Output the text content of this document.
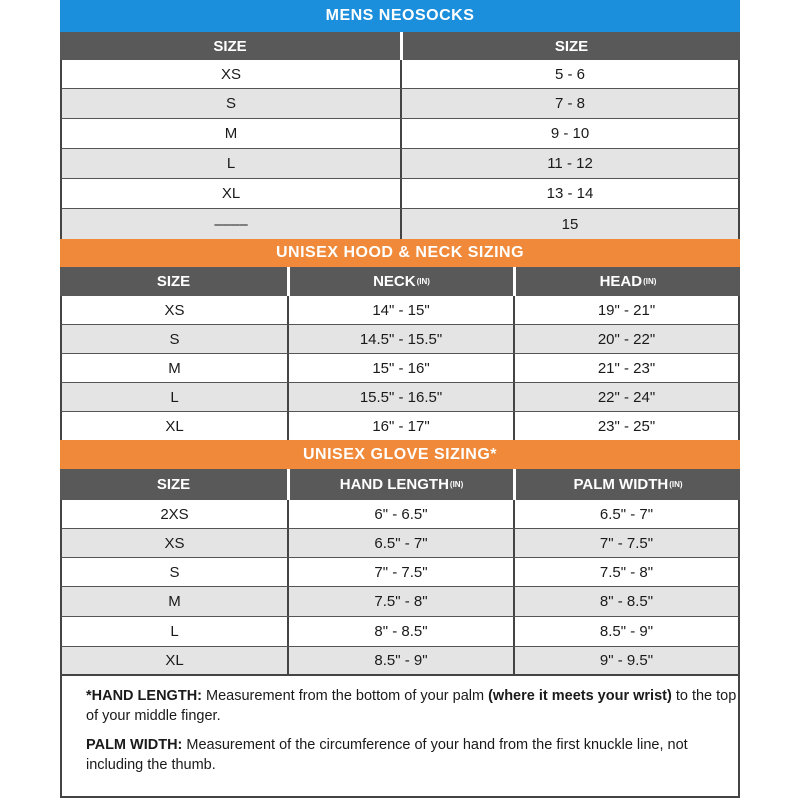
MENS NEOSOCKS
SIZE	SIZE
XS	5 - 6
S	7 - 8
M	9 - 10
L	11 - 12
XL	13 - 14
––––	15
UNISEX HOOD & NECK SIZING
SIZE	NECK (IN)	HEAD (IN)
XS	14" - 15"	19" - 21"
S	14.5" - 15.5"	20" - 22"
M	15" - 16"	21" - 23"
L	15.5" - 16.5"	22" - 24"
XL	16" - 17"	23" - 25"
UNISEX GLOVE SIZING*
SIZE	HAND LENGTH (IN)	PALM WIDTH (IN)
2XS	6" - 6.5"	6.5" - 7"
XS	6.5" - 7"	7" - 7.5"
S	7" - 7.5"	7.5" - 8"
M	7.5" - 8"	8" - 8.5"
L	8" - 8.5"	8.5" - 9"
XL	8.5" - 9"	9" - 9.5"

*HAND LENGTH: Measurement from the bottom of your palm (where it meets your wrist) to the top of your middle finger.

PALM WIDTH: Measurement of the circumference of your hand from the first knuckle line, not including the thumb.
